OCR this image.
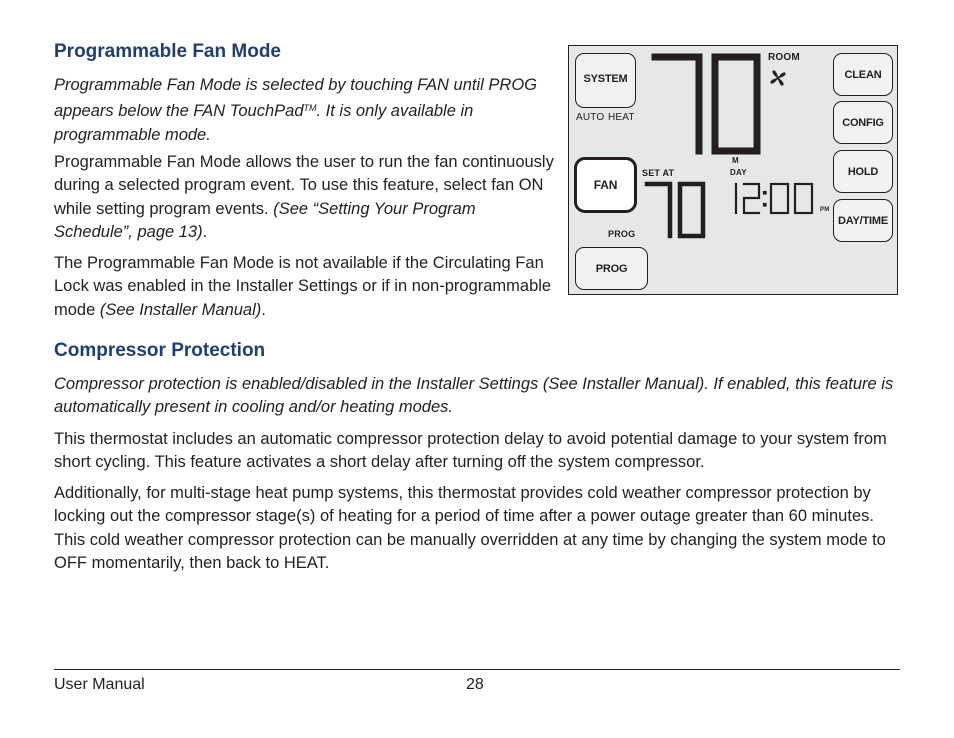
Programmable Fan Mode

Programmable Fan Mode is selected by touching FAN until PROG appears below the FAN TouchPad™. It is only available in programmable mode.

Programmable Fan Mode allows the user to run the fan continuously during a selected program event. To use this feature, select fan ON while setting program events. (See “Setting Your Program Schedule”, page 13).

The Programmable Fan Mode is not available if the Circulating Fan Lock was enabled in the Installer Settings or if in non-programmable mode (See Installer Manual).

SYSTEM

AUTO HEAT

FAN

PROG

PROG
CLEAN
CONFIG
HOLD
DAY/TIME

ROOM

M

SET AT	DAY

PM

Compressor Protection

Compressor protection is enabled/disabled in the Installer Settings (See Installer Manual). If enabled, this feature is automatically present in cooling and/or heating modes.

This thermostat includes an automatic compressor protection delay to avoid potential damage to your system from short cycling. This feature activates a short delay after turning off the system compressor.

Additionally, for multi-stage heat pump systems, this thermostat provides cold weather compressor protection by locking out the compressor stage(s) of heating for a period of time after a power outage greater than 60 minutes. This cold weather compressor protection can be manually overridden at any time by changing the system mode to OFF momentarily, then back to HEAT.

User Manual	28
